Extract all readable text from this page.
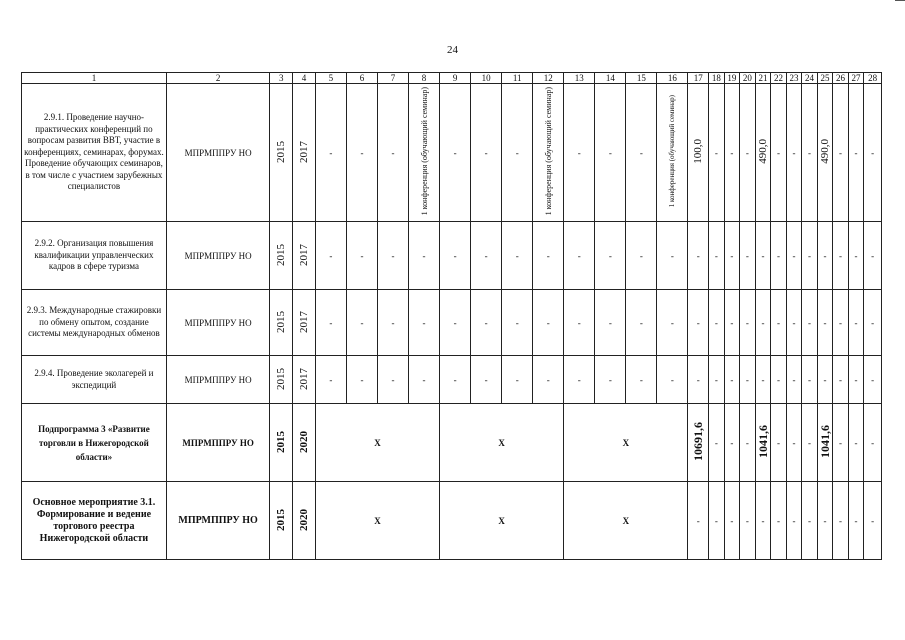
24
1	2	3	4	5	6	7	8	9	10	11	12	13	14	15	16	17	18	19	20	21	22	23	24	25	26	27	28
2.9.1. Проведение научно-практических конференций по вопросам развития ВВТ, участие в конференциях, семинарах, форумах. Проведение обучающих семинаров, в том числе с участием зарубежных специалистов	МПРМППРУ НО	2015	2017	-	-	-	1 конференция (обучающий семинар)	-	-	-	1 конференция (обучающий семинар)	-	-	-	1 конференция (обучающий семинар)	100,0	-	-	-	490,0	-	-	-	490,0	-	-	-
2.9.2. Организация повышения квалификации управленческих кадров в сфере туризма	МПРМППРУ НО	2015	2017	-	-	-	-	-	-	-	-	-	-	-	-	-	-	-	-	-	-	-	-	-	-	-	-
2.9.3. Международные стажировки по обмену опытом, создание системы международных обменов	МПРМППРУ НО	2015	2017	-	-	-	-	-	-	-	-	-	-	-	-	-	-	-	-	-	-	-	-	-	-	-	-
2.9.4. Проведение эколагерей и экспедиций	МПРМППРУ НО	2015	2017	-	-	-	-	-	-	-	-	-	-	-	-	-	-	-	-	-	-	-	-	-	-	-	-
Подпрограмма 3 «Развитие торговли в Нижегородской области»	МПРМППРУ НО	2015	2020	X				X				X				10691,6	-	-	-	1041,6	-	-	-	1041,6	-	-	-
Основное мероприятие 3.1. Формирование и ведение торгового реестра Нижегородской области	МПРМППРУ НО	2015	2020	X				X				X				-	-	-	-	-	-	-	-	-	-	-	-
